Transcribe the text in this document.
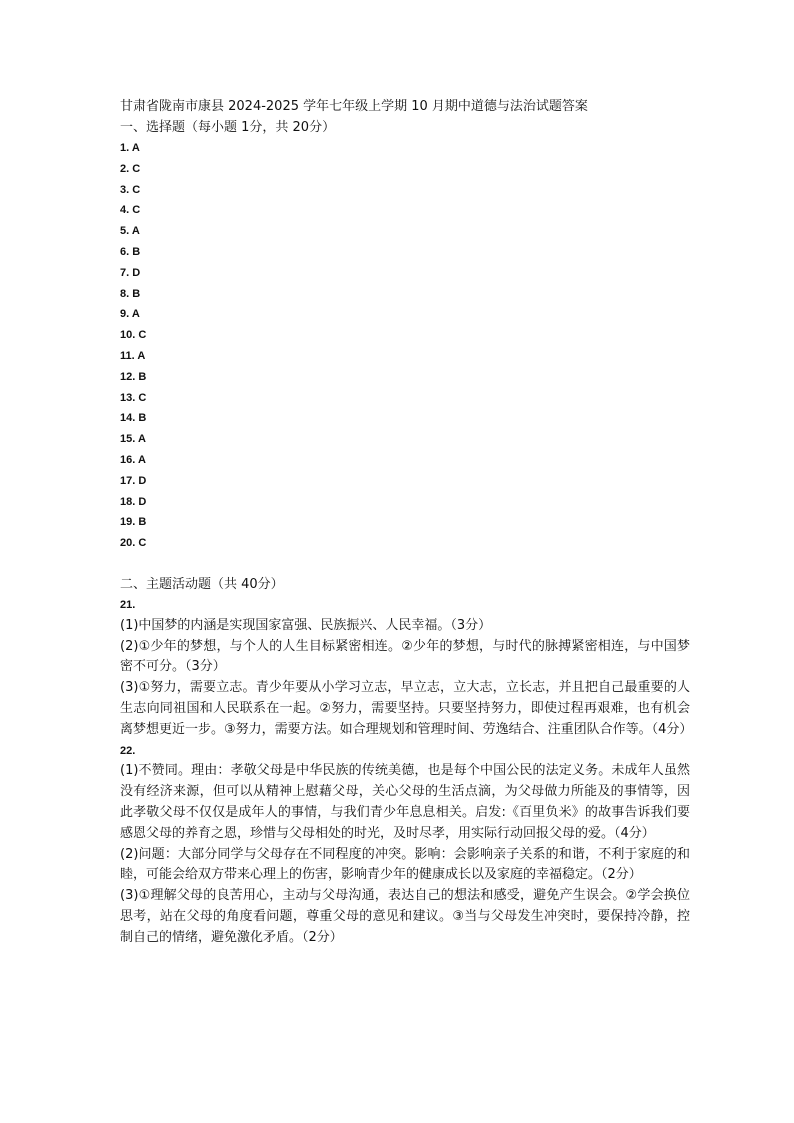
甘肃省陇南市康县 2024-2025 学年七年级上学期 10 月期中道德与法治试题答案

一、选择题（每小题 1分，共 20分）

1. A
2. C
3. C
4. C
5. A
6. B
7. D
8. B
9. A
10. C
11. A
12. B
13. C
14. B
15. A
16. A
17. D
18. D
19. B
20. C

二、主题活动题（共 40分）

21.

(1)中国梦的内涵是实现国家富强、民族振兴、人民幸福。（3分）

(2)①少年的梦想，与个人的人生目标紧密相连。②少年的梦想，与时代的脉搏紧密相连，与中国梦密不可分。（3分）

(3)①努力，需要立志。青少年要从小学习立志，早立志，立大志，立长志，并且把自己最重要的人生志向同祖国和人民联系在一起。②努力，需要坚持。只要坚持努力，即使过程再艰难，也有机会离梦想更近一步。③努力，需要方法。如合理规划和管理时间、劳逸结合、注重团队合作等。（4分）

22.

(1)不赞同。理由：孝敬父母是中华民族的传统美德，也是每个中国公民的法定义务。未成年人虽然没有经济来源，但可以从精神上慰藉父母，关心父母的生活点滴，为父母做力所能及的事情等，因此孝敬父母不仅仅是成年人的事情，与我们青少年息息相关。启发:《百里负米》的故事告诉我们要感恩父母的养育之恩，珍惜与父母相处的时光，及时尽孝，用实际行动回报父母的爱。（4分）

(2)问题：大部分同学与父母存在不同程度的冲突。影响：会影响亲子关系的和谐，不利于家庭的和睦，可能会给双方带来心理上的伤害，影响青少年的健康成长以及家庭的幸福稳定。（2分）

(3)①理解父母的良苦用心，主动与父母沟通，表达自己的想法和感受，避免产生误会。②学会换位思考，站在父母的角度看问题，尊重父母的意见和建议。③当与父母发生冲突时，要保持冷静，控制自己的情绪，避免激化矛盾。（2分）
